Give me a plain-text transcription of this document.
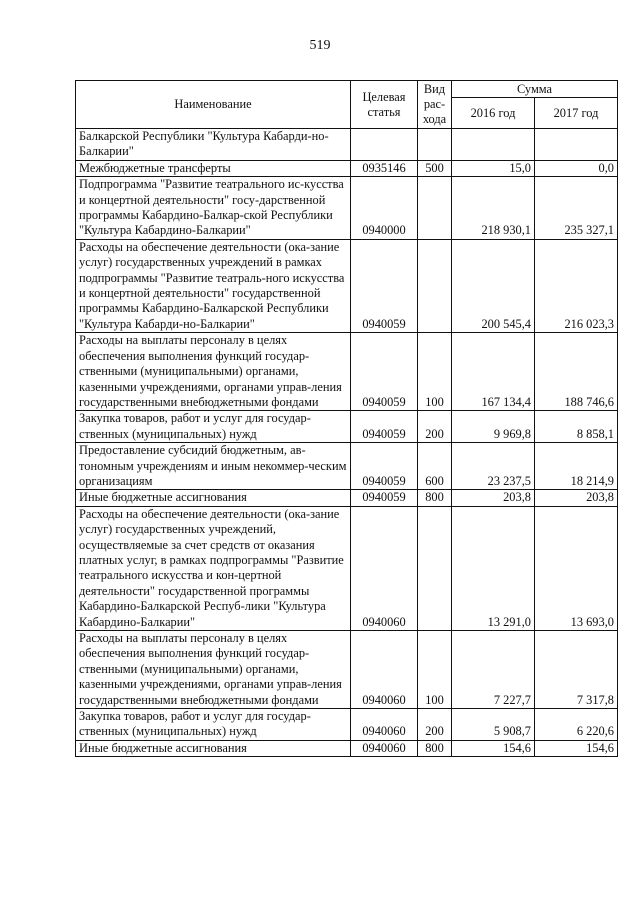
519
Наименование	Целевая статья	Вид рас-хода	Сумма	
			2016 год	2017 год
Балкарской Республики "Культура Кабарди-но-Балкарии"				
Межбюджетные трансферты	0935146	500	15,0	0,0
Подпрограмма "Развитие театрального ис-кусства и концертной деятельности" госу-дарственной программы Кабардино-Балкар-ской Республики "Культура Кабардино-Балкарии"	0940000		218 930,1	235 327,1
Расходы на обеспечение деятельности (ока-зание услуг) государственных учреждений в рамках подпрограммы "Развитие театраль-ного искусства и концертной деятельности" государственной программы Кабардино-Балкарской Республики "Культура Кабарди-но-Балкарии"	0940059		200 545,4	216 023,3
Расходы на выплаты персоналу в целях обеспечения выполнения функций государ-ственными (муниципальными) органами, казенными учреждениями, органами управ-ления государственными внебюджетными фондами	0940059	100	167 134,4	188 746,6
Закупка товаров, работ и услуг для государ-ственных (муниципальных) нужд	0940059	200	9 969,8	8 858,1
Предоставление субсидий бюджетным, ав-тономным учреждениям и иным некоммер-ческим организациям	0940059	600	23 237,5	18 214,9
Иные бюджетные ассигнования	0940059	800	203,8	203,8
Расходы на обеспечение деятельности (ока-зание услуг) государственных учреждений, осуществляемые за счет средств от оказания платных услуг, в рамках подпрограммы "Развитие театрального искусства и кон-цертной деятельности" государственной программы Кабардино-Балкарской Респуб-лики "Культура Кабардино-Балкарии"	0940060		13 291,0	13 693,0
Расходы на выплаты персоналу в целях обеспечения выполнения функций государ-ственными (муниципальными) органами, казенными учреждениями, органами управ-ления государственными внебюджетными фондами	0940060	100	7 227,7	7 317,8
Закупка товаров, работ и услуг для государ-ственных (муниципальных) нужд	0940060	200	5 908,7	6 220,6
Иные бюджетные ассигнования	0940060	800	154,6	154,6
